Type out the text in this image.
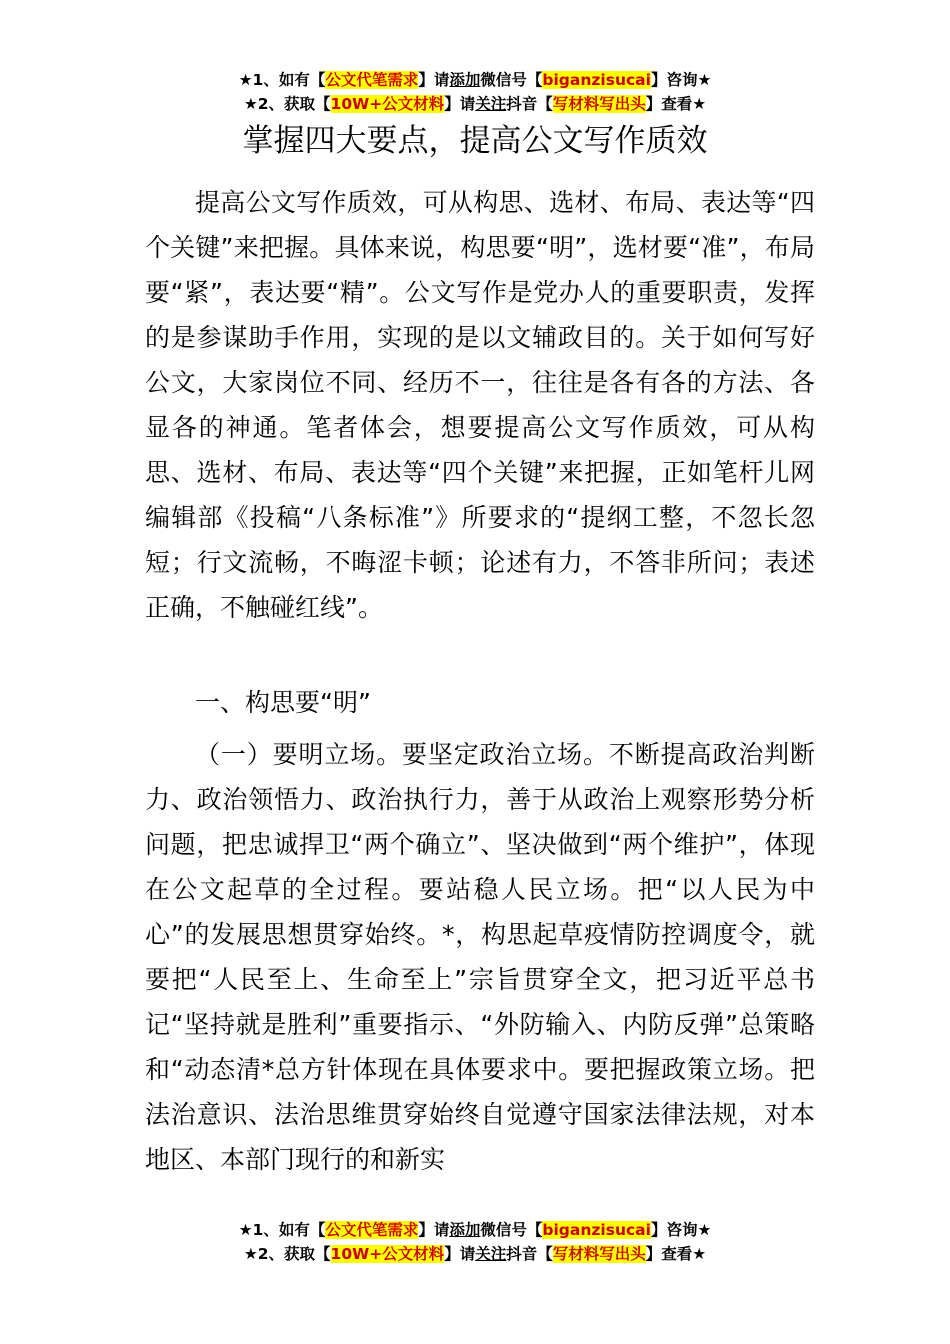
★1、如有【公文代笔需求】请添加微信号【biganzisucai】咨询★
★2、获取【10W+公文材料】请关注抖音【写材料写出头】查看★
掌握四大要点，提高公文写作质效

提高公文写作质效，可从构思、选材、布局、表达等“四个关键”来把握。具体来说，构思要“明”，选材要“准”，布局要“紧”，表达要“精”。公文写作是党办人的重要职责，发挥的是参谋助手作用，实现的是以文辅政目的。关于如何写好公文，大家岗位不同、经历不一，往往是各有各的方法、各显各的神通。笔者体会，想要提高公文写作质效，可从构思、选材、布局、表达等“四个关键”来把握，正如笔杆儿网编辑部《投稿“八条标准”》所要求的“提纲工整，不忽长忽短；行文流畅，不晦涩卡顿；论述有力，不答非所问；表述正确，不触碰红线”。

一、构思要“明”

（一）要明立场。要坚定政治立场。不断提高政治判断力、政治领悟力、政治执行力，善于从政治上观察形势分析问题，把忠诚捍卫“两个确立”、坚决做到“两个维护”，体现在公文起草的全过程。要站稳人民立场。把“以人民为中心”的发展思想贯穿始终。*，构思起草疫情防控调度令，就要把“人民至上、生命至上”宗旨贯穿全文，把习近平总书记“坚持就是胜利”重要指示、“外防输入、内防反弹”总策略和“动态清*总方针体现在具体要求中。要把握政策立场。把法治意识、法治思维贯穿始终自觉遵守国家法律法规，对本地区、本部门现行的和新实

★1、如有【公文代笔需求】请添加微信号【biganzisucai】咨询★
★2、获取【10W+公文材料】请关注抖音【写材料写出头】查看★
